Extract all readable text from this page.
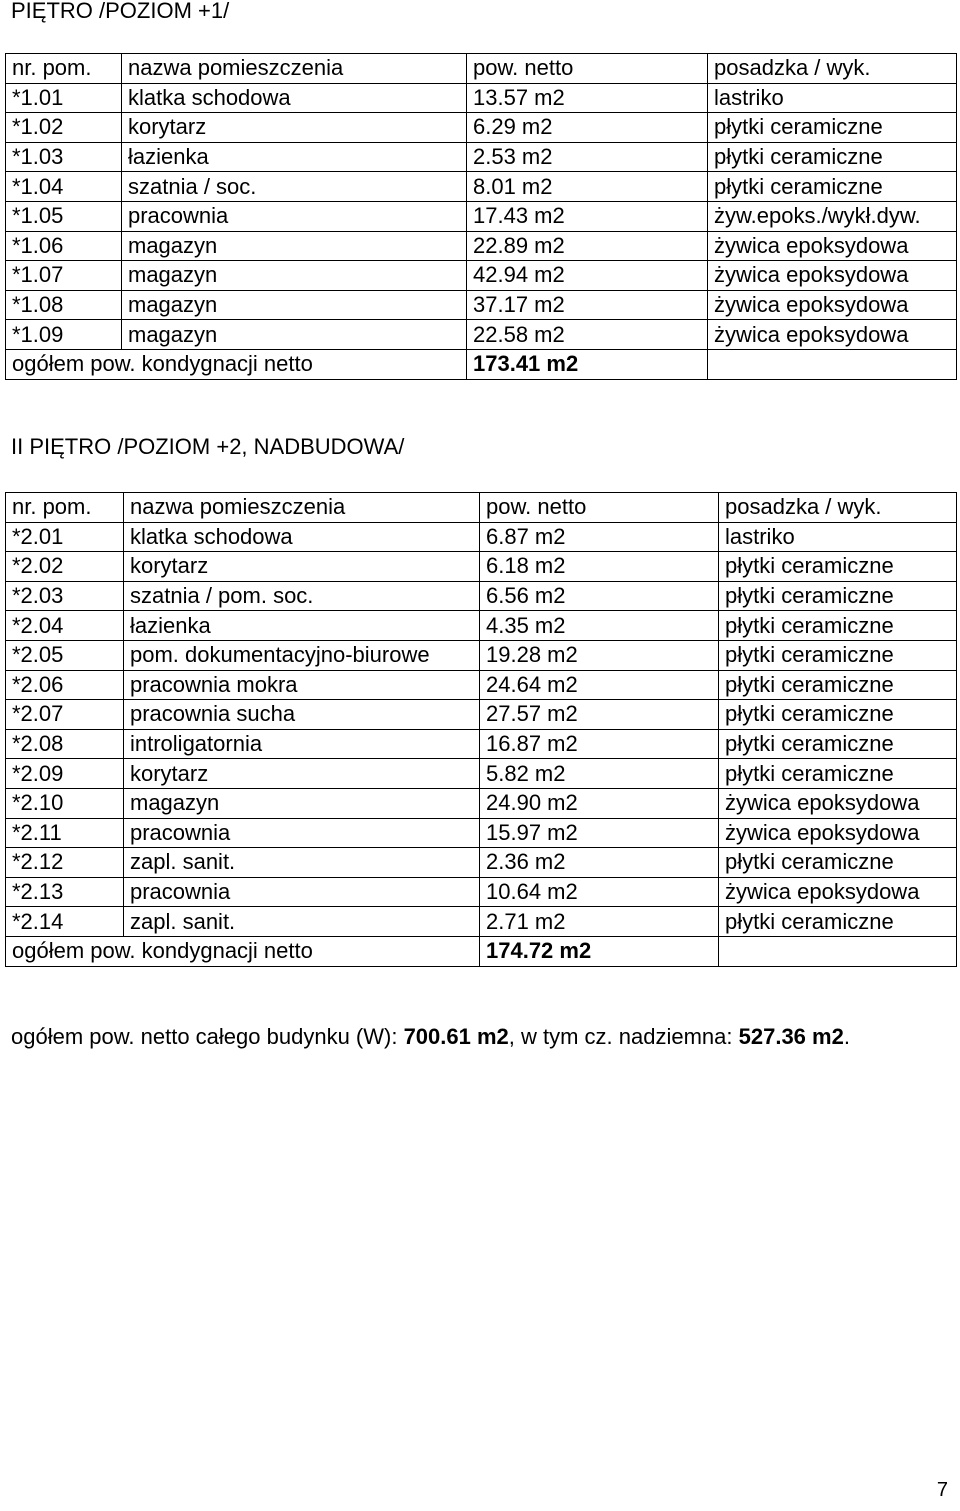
PIĘTRO /POZIOM +1/
nr. pom.	nazwa pomieszczenia	pow. netto	posadzka / wyk.
*1.01	klatka schodowa	13.57 m2	lastriko
*1.02	korytarz	6.29 m2	płytki ceramiczne
*1.03	łazienka	2.53 m2	płytki ceramiczne
*1.04	szatnia / soc.	8.01 m2	płytki ceramiczne
*1.05	pracownia	17.43 m2	żyw.epoks./wykł.dyw.
*1.06	magazyn	22.89 m2	żywica epoksydowa
*1.07	magazyn	42.94 m2	żywica epoksydowa
*1.08	magazyn	37.17 m2	żywica epoksydowa
*1.09	magazyn	22.58 m2	żywica epoksydowa
ogółem pow. kondygnacji netto		173.41 m2	
II PIĘTRO /POZIOM +2, NADBUDOWA/
nr. pom.	nazwa pomieszczenia	pow. netto	posadzka / wyk.
*2.01	klatka schodowa	6.87 m2	lastriko
*2.02	korytarz	6.18 m2	płytki ceramiczne
*2.03	szatnia / pom. soc.	6.56 m2	płytki ceramiczne
*2.04	łazienka	4.35 m2	płytki ceramiczne
*2.05	pom. dokumentacyjno-biurowe	19.28 m2	płytki ceramiczne
*2.06	pracownia mokra	24.64 m2	płytki ceramiczne
*2.07	pracownia sucha	27.57 m2	płytki ceramiczne
*2.08	introligatornia	16.87 m2	płytki ceramiczne
*2.09	korytarz	5.82 m2	płytki ceramiczne
*2.10	magazyn	24.90 m2	żywica epoksydowa
*2.11	pracownia	15.97 m2	żywica epoksydowa
*2.12	zapl. sanit.	2.36 m2	płytki ceramiczne
*2.13	pracownia	10.64 m2	żywica epoksydowa
*2.14	zapl. sanit.	2.71 m2	płytki ceramiczne
ogółem pow. kondygnacji netto		174.72 m2	
ogółem pow. netto całego budynku (W): 700.61 m2, w tym cz. nadziemna: 527.36 m2.
7
